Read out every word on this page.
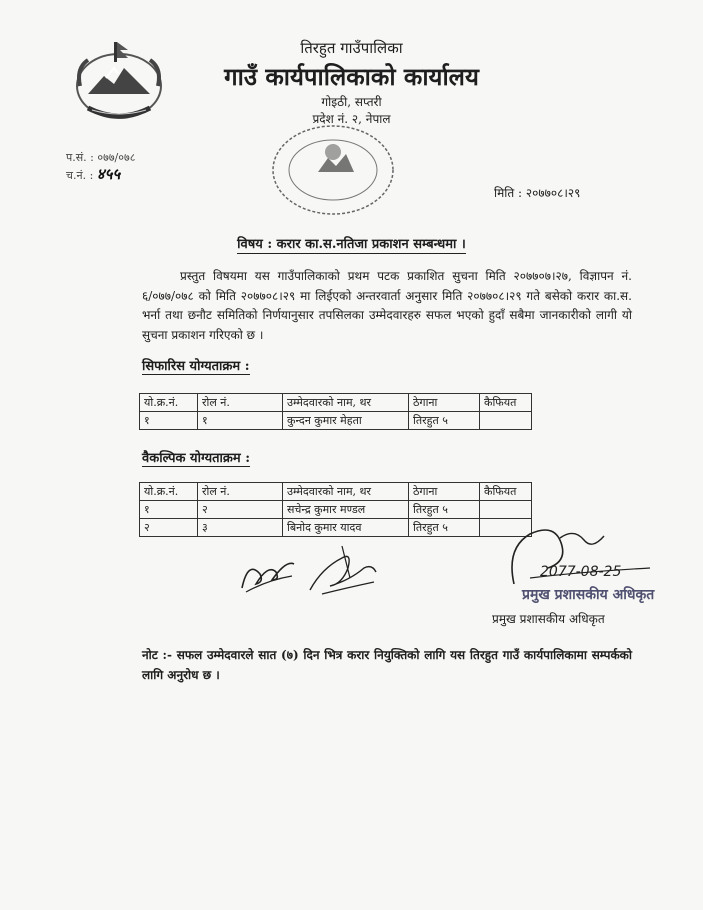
तिरहुत गाउँपालिका
गाउँ कार्यपालिकाको कार्यालय
गोइठी, सप्तरी
प्रदेश नं. २, नेपाल
प.सं. : ०७७/०७८
च.नं. : ४५५
मिति : २०७७०८।२९
विषय : करार का.स.नतिजा प्रकाशन सम्बन्धमा ।
प्रस्तुत विषयमा यस गाउँपालिकाको प्रथम पटक प्रकाशित सुचना मिति २०७७०७।२७, विज्ञापन नं. ६/०७७/०७८ को मिति २०७७०८।२९ मा लिईएको अन्तरवार्ता अनुसार मिति २०७७०८।२९ गते बसेको करार का.स. भर्ना तथा छनौट समितिको निर्णयानुसार तपसिलका उम्मेदवारहरु सफल भएको हुदाँ सबैमा जानकारीको लागी यो सुचना प्रकाशन गरिएको छ ।
सिफारिस योग्यताक्रम :
यो.क्र.नं.	रोल नं.	उम्मेदवारको नाम, थर	ठेगाना	कैफियत
१	१	कुन्दन कुमार मेहता	तिरहुत ५	
वैकल्पिक योग्यताक्रम :
यो.क्र.नं.	रोल नं.	उम्मेदवारको नाम, थर	ठेगाना	कैफियत
१	२	सचेन्द्र कुमार मण्डल	तिरहुत ५	
२	३	बिनोद कुमार यादव	तिरहुत ५	
2077-08-25
प्रमुख प्रशासकीय अधिकृत
प्रमुख प्रशासकीय अधिकृत
नोट :- सफल उम्मेदवारले सात (७) दिन भित्र करार नियुक्तिको लागि यस तिरहुत गाउँ कार्यपालिकामा सम्पर्कको लागि अनुरोध छ ।
